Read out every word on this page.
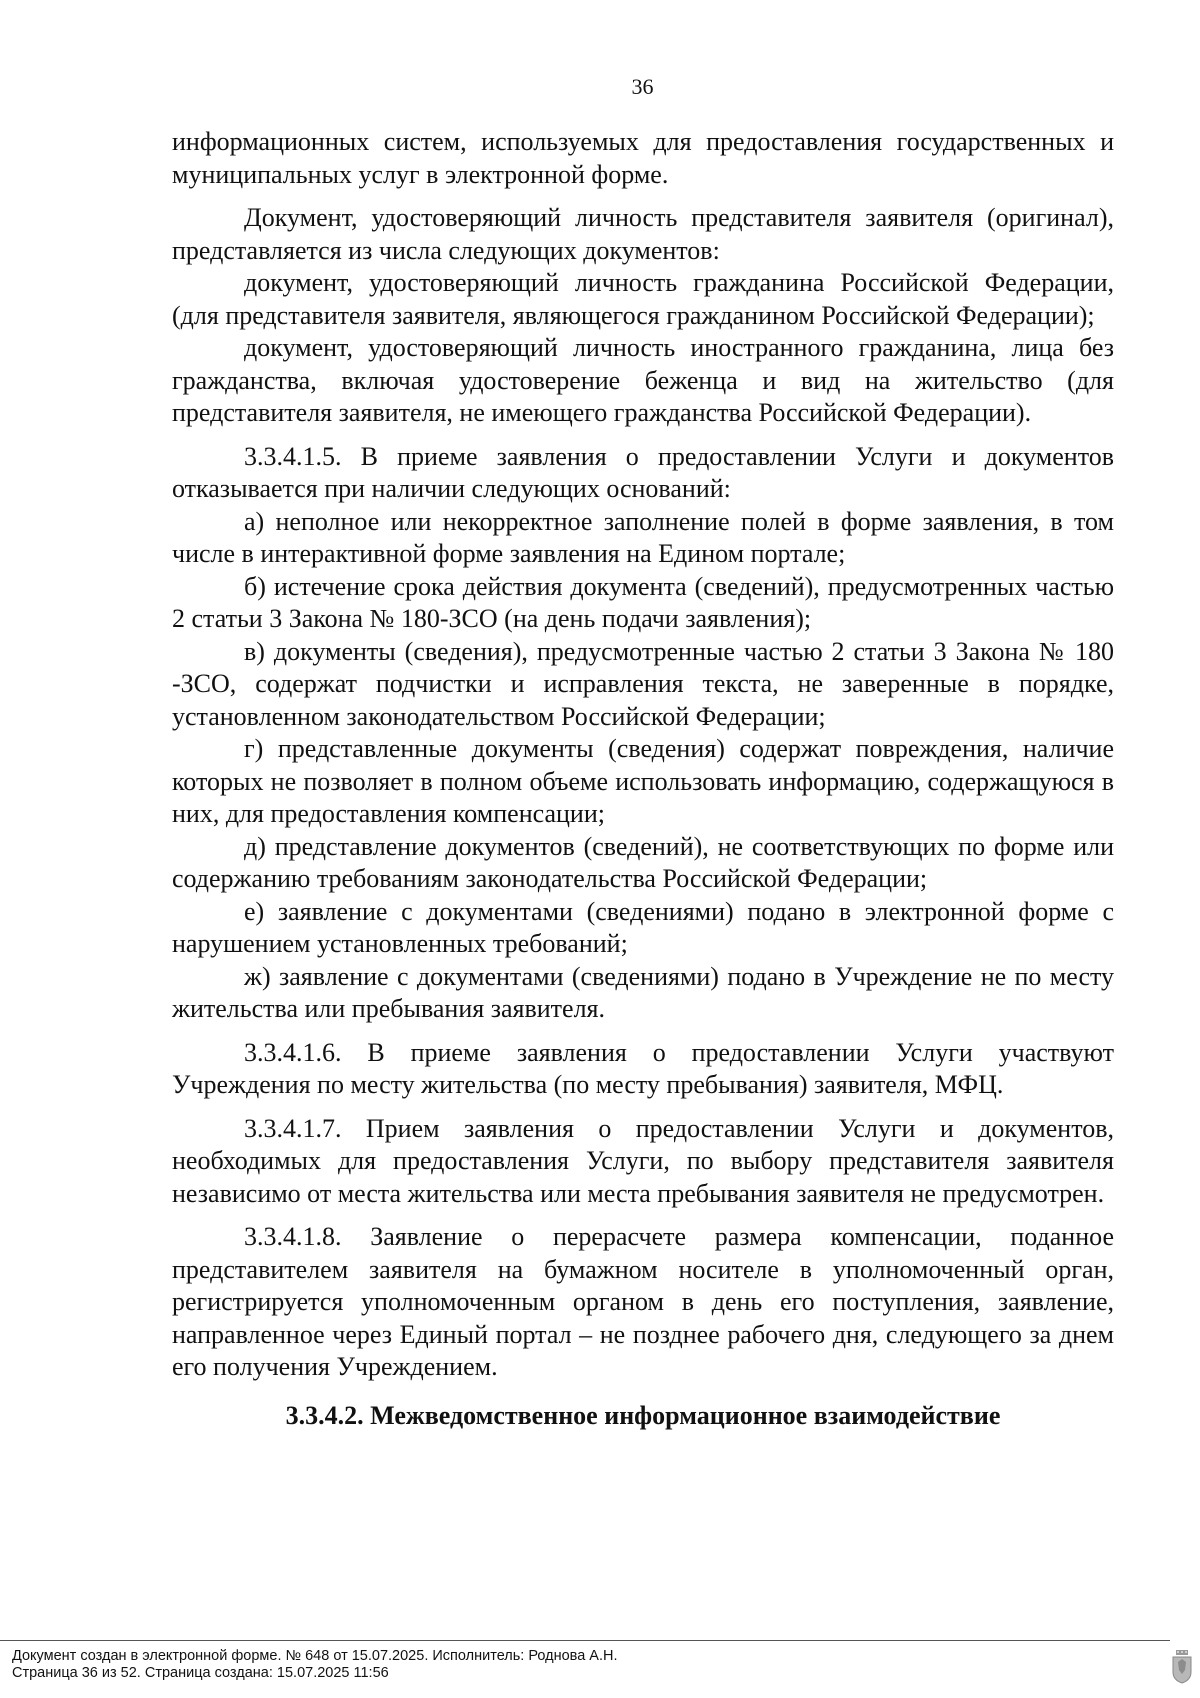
36

информационных систем, используемых для предоставления государственных и муниципальных услуг в электронной форме.

Документ, удостоверяющий личность представителя заявителя (оригинал), представляется из числа следующих документов:

документ, удостоверяющий личность гражданина Российской Федерации, (для представителя заявителя, являющегося гражданином Российской Федерации);

документ, удостоверяющий личность иностранного гражданина, лица без гражданства, включая удостоверение беженца и вид на жительство (для представителя заявителя, не имеющего гражданства Российской Федерации).

3.3.4.1.5. В приеме заявления о предоставлении Услуги и документов отказывается при наличии следующих оснований:

а) неполное или некорректное заполнение полей в форме заявления, в том числе в интерактивной форме заявления на Едином портале;

б) истечение срока действия документа (сведений), предусмотренных частью 2 статьи 3 Закона № 180-ЗСО (на день подачи заявления);

в) документы (сведения), предусмотренные частью 2 статьи 3 Закона № 180 -ЗСО, содержат подчистки и исправления текста, не заверенные в порядке, установленном законодательством Российской Федерации;

г) представленные документы (сведения) содержат повреждения, наличие которых не позволяет в полном объеме использовать информацию, содержащуюся в них, для предоставления компенсации;

д) представление документов (сведений), не соответствующих по форме или содержанию требованиям законодательства Российской Федерации;

е) заявление с документами (сведениями) подано в электронной форме с нарушением установленных требований;

ж) заявление с документами (сведениями) подано в Учреждение не по месту жительства или пребывания заявителя.

3.3.4.1.6. В приеме заявления о предоставлении Услуги участвуют Учреждения по месту жительства (по месту пребывания) заявителя, МФЦ.

3.3.4.1.7. Прием заявления о предоставлении Услуги и документов, необходимых для предоставления Услуги, по выбору представителя заявителя независимо от места жительства или места пребывания заявителя не предусмотрен.

3.3.4.1.8. Заявление о перерасчете размера компенсации, поданное представителем заявителя на бумажном носителе в уполномоченный орган, регистрируется уполномоченным органом в день его поступления, заявление, направленное через Единый портал – не позднее рабочего дня, следующего за днем его получения Учреждением.

3.3.4.2. Межведомственное информационное взаимодействие

Документ создан в электронной форме. № 648 от 15.07.2025. Исполнитель: Роднова А.Н.
Страница 36 из 52. Страница создана: 15.07.2025 11:56
